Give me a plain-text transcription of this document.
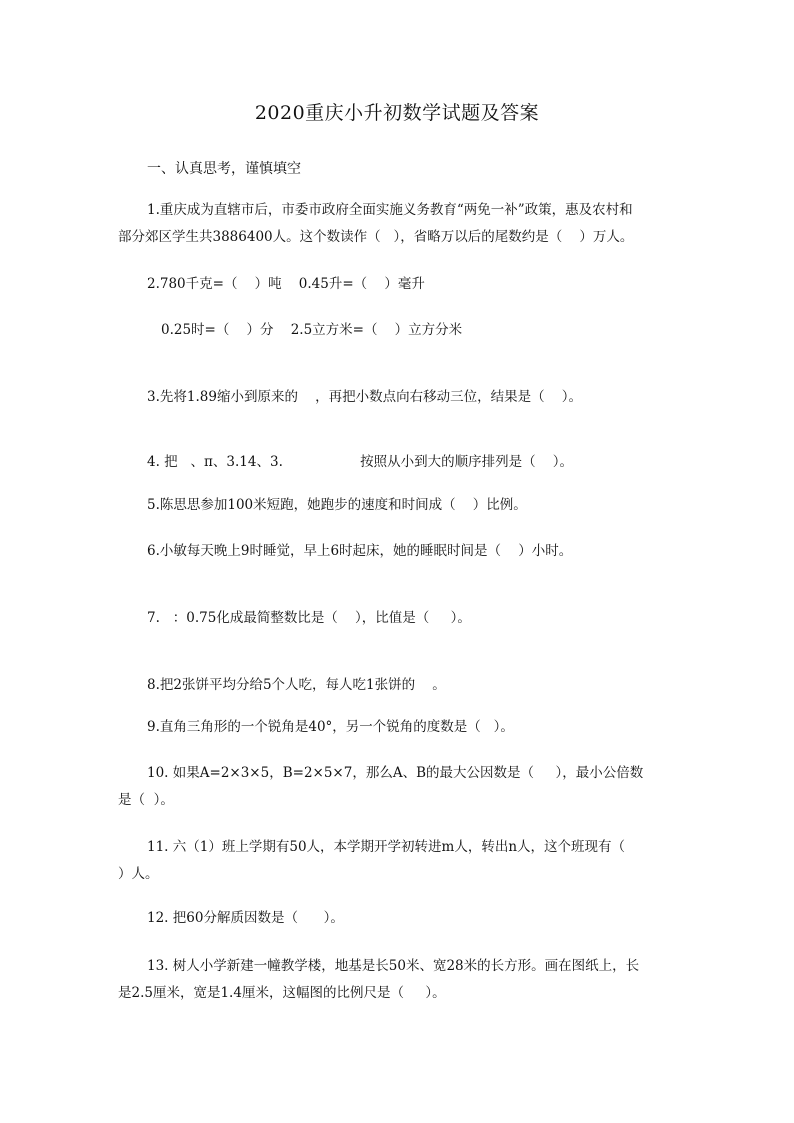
2020重庆小升初数学试题及答案
一、认真思考，谨慎填空
1.重庆成为直辖市后，市委市政府全面实施义务教育“两免一补”政策，惠及农村和
部分郊区学生共3886400人。这个数读作（   ），省略万以后的尾数约是（    ）万人。
2.780千克=（    ）吨    0.45升=（    ）毫升
0.25时=（    ）分    2.5立方米=（    ）立方分米
3.先将1.89缩小到原来的    ，再把小数点向右移动三位，结果是（    ）。
4. 把   、π、3.14、3.                  按照从小到大的顺序排列是（    ）。
5.陈思思参加100米短跑，她跑步的速度和时间成（    ）比例。
6.小敏每天晚上9时睡觉，早上6时起床，她的睡眠时间是（    ）小时。
7.   ：0.75化成最简整数比是（    ），比值是（     ）。
8.把2张饼平均分给5个人吃，每人吃1张饼的    。
9.直角三角形的一个锐角是40°，另一个锐角的度数是（   ）。
10. 如果A=2×3×5，B=2×5×7，那么A、B的最大公因数是（     ），最小公倍数
是（  ）。
11. 六（1）班上学期有50人，本学期开学初转进m人，转出n人，这个班现有（
）人。
12. 把60分解质因数是（      ）。
13. 树人小学新建一幢教学楼，地基是长50米、宽28米的长方形。画在图纸上，长
是2.5厘米，宽是1.4厘米，这幅图的比例尺是（     ）。
